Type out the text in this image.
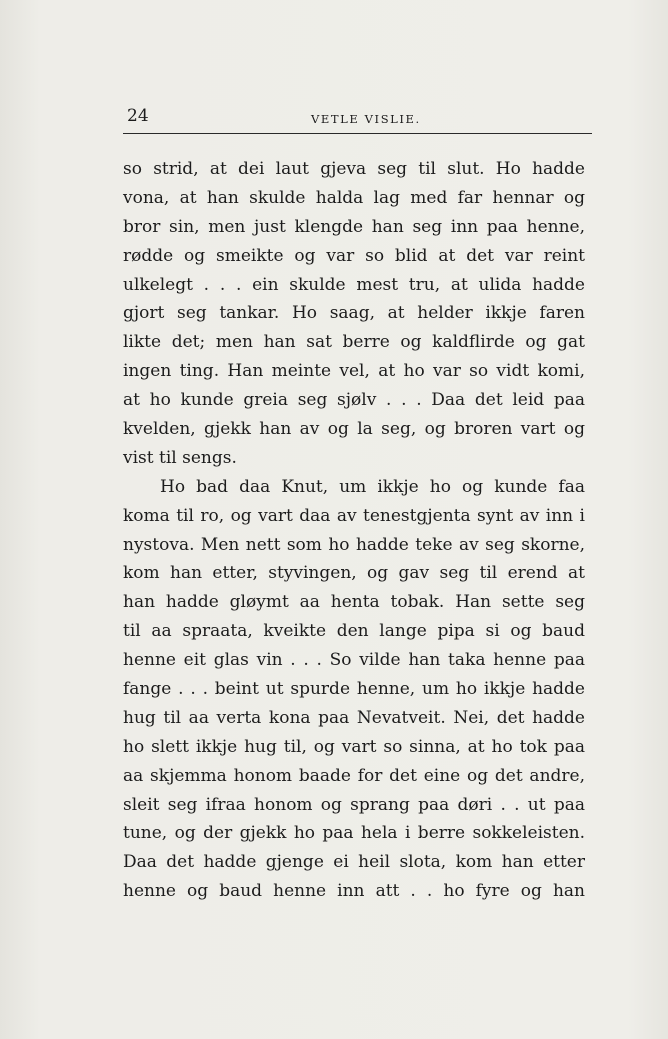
24	VETLE VISLIE.
so strid, at dei laut gjeva seg til slut. Ho hadde
vona, at han skulde halda lag med far hennar og
bror sin, men just klengde han seg inn paa henne,
rødde og smeikte og var so blid at det var reint
ulkelegt . . . ein skulde mest tru, at ulida hadde
gjort seg tankar. Ho saag, at helder ikkje faren
likte det; men han sat berre og kaldflirde og gat
ingen ting. Han meinte vel, at ho var so vidt komi,
at ho kunde greia seg sjølv . . . Daa det leid paa
kvelden, gjekk han av og la seg, og broren vart og
vist til sengs.
Ho bad daa Knut, um ikkje ho og kunde faa
koma til ro, og vart daa av tenestgjenta synt av inn i
nystova. Men nett som ho hadde teke av seg skorne,
kom han etter, styvingen, og gav seg til erend at
han hadde gløymt aa henta tobak. Han sette seg
til aa spraata, kveikte den lange pipa si og baud
henne eit glas vin . . . So vilde han taka henne paa
fange . . . beint ut spurde henne, um ho ikkje hadde
hug til aa verta kona paa Nevatveit. Nei, det hadde
ho slett ikkje hug til, og vart so sinna, at ho tok paa
aa skjemma honom baade for det eine og det andre,
sleit seg ifraa honom og sprang paa døri . . ut paa
tune, og der gjekk ho paa hela i berre sokkeleisten.
Daa det hadde gjenge ei heil slota, kom han etter
henne og baud henne inn att . . ho fyre og han
